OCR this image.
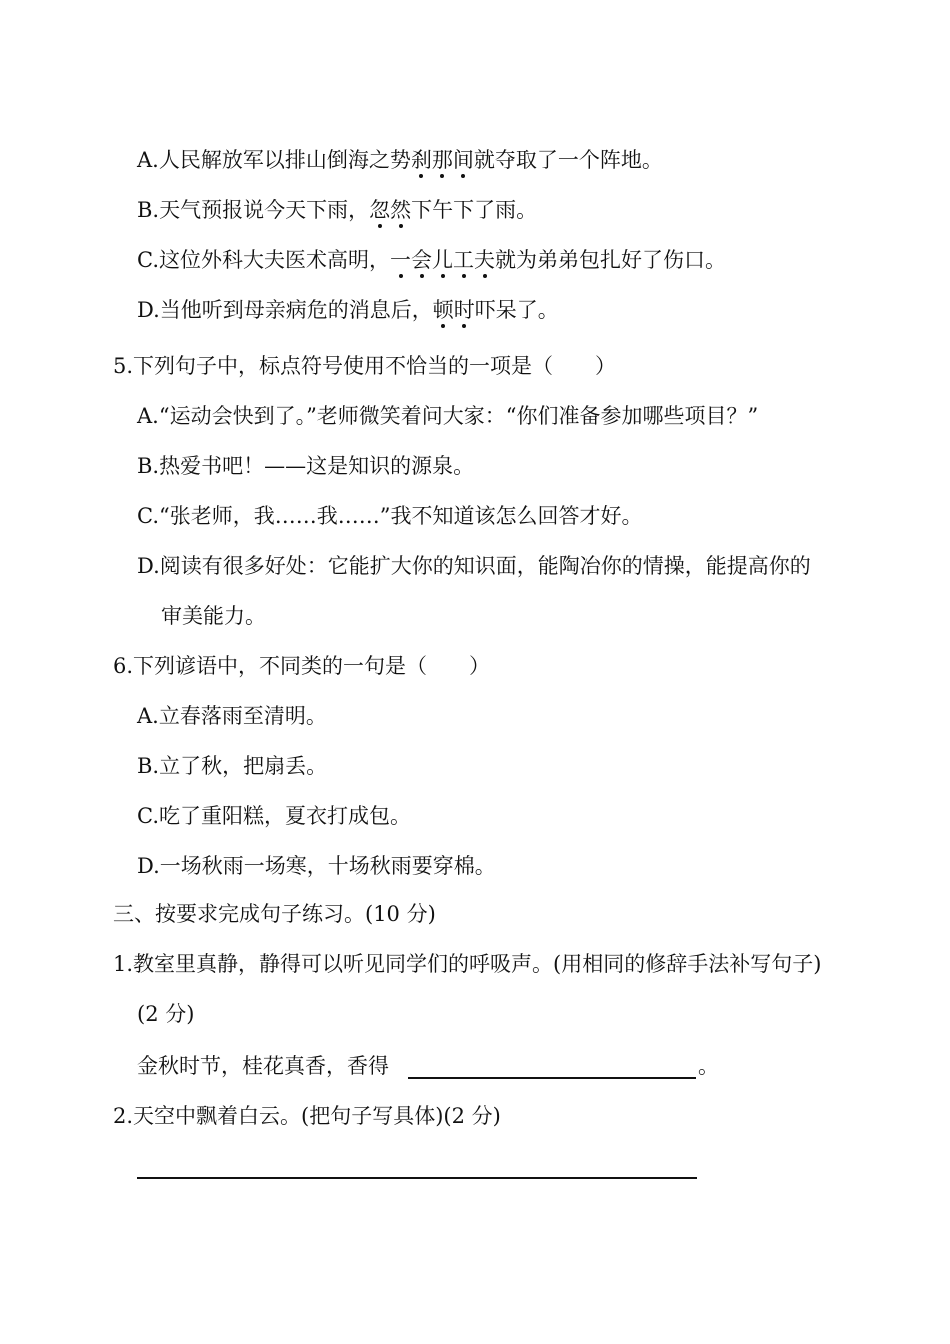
A.人民解放军以排山倒海之势刹那间就夺取了一个阵地。
B.天气预报说今天下雨，忽然下午下了雨。
C.这位外科大夫医术高明，一会儿工夫就为弟弟包扎好了伤口。
D.当他听到母亲病危的消息后，顿时吓呆了。
5.下列句子中，标点符号使用不恰当的一项是（　　）
A.“运动会快到了。”老师微笑着问大家：“你们准备参加哪些项目？”
B.热爱书吧！——这是知识的源泉。
C.“张老师，我……我……”我不知道该怎么回答才好。
D.阅读有很多好处：它能扩大你的知识面，能陶冶你的情操，能提高你的
审美能力。
6.下列谚语中，不同类的一句是（　　）
A.立春落雨至清明。
B.立了秋，把扇丢。
C.吃了重阳糕，夏衣打成包。
D.一场秋雨一场寒，十场秋雨要穿棉。
三、按要求完成句子练习。(10 分)
1.教室里真静，静得可以听见同学们的呼吸声。(用相同的修辞手法补写句子)
(2 分)
金秋时节，桂花真香，香得	。
2.天空中飘着白云。(把句子写具体)(2 分)
